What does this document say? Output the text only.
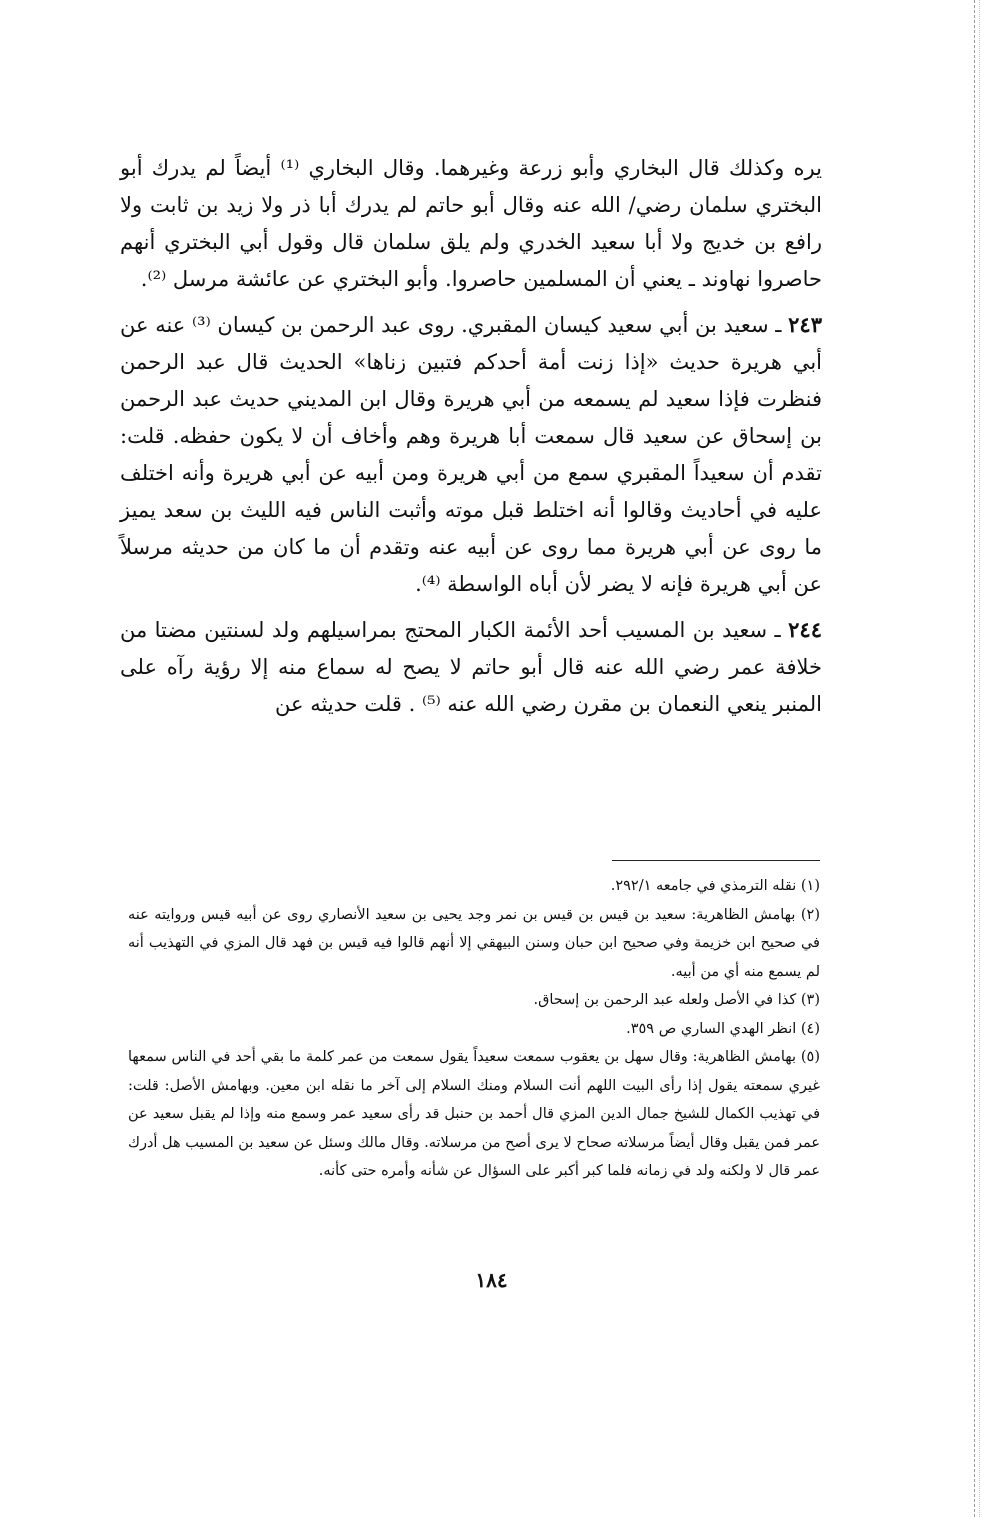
يره وكذلك قال البخاري وأبو زرعة وغيرهما. وقال البخاري ⁽¹⁾ أيضاً لم يدرك أبو البختري سلمان رضي/ الله عنه وقال أبو حاتم لم يدرك أبا ذر ولا زيد بن ثابت ولا رافع بن خديج ولا أبا سعيد الخدري ولم يلق سلمان قال وقول أبي البختري أنهم حاصروا نهاوند ـ يعني أن المسلمين حاصروا. وأبو البختري عن عائشة مرسل ⁽²⁾.

٢٤٣ ـ سعيد بن أبي سعيد كيسان المقبري. روى عبد الرحمن بن كيسان ⁽³⁾ عنه عن أبي هريرة حديث «إذا زنت أمة أحدكم فتبين زناها» الحديث قال عبد الرحمن فنظرت فإذا سعيد لم يسمعه من أبي هريرة وقال ابن المديني حديث عبد الرحمن بن إسحاق عن سعيد قال سمعت أبا هريرة وهم وأخاف أن لا يكون حفظه. قلت: تقدم أن سعيداً المقبري سمع من أبي هريرة ومن أبيه عن أبي هريرة وأنه اختلف عليه في أحاديث وقالوا أنه اختلط قبل موته وأثبت الناس فيه الليث بن سعد يميز ما روى عن أبي هريرة مما روى عن أبيه عنه وتقدم أن ما كان من حديثه مرسلاً عن أبي هريرة فإنه لا يضر لأن أباه الواسطة ⁽⁴⁾.

٢٤٤ ـ سعيد بن المسيب أحد الأئمة الكبار المحتج بمراسيلهم ولد لسنتين مضتا من خلافة عمر رضي الله عنه قال أبو حاتم لا يصح له سماع منه إلا رؤية رآه على المنبر ينعي النعمان بن مقرن رضي الله عنه ⁽⁵⁾ . قلت حديثه عن

(١) نقله الترمذي في جامعه ٢٩٢/١.

(٢) بهامش الظاهرية: سعيد بن قيس بن قيس بن نمر وجد يحيى بن سعيد الأنصاري روى عن أبيه قيس وروايته عنه في صحيح ابن خزيمة وفي صحيح ابن حبان وسنن البيهقي إلا أنهم قالوا فيه قيس بن فهد قال المزي في التهذيب أنه لم يسمع منه أي من أبيه.

(٣) كذا في الأصل ولعله عبد الرحمن بن إسحاق.

(٤) انظر الهدي الساري ص ٣٥٩.

(٥) بهامش الظاهرية: وقال سهل بن يعقوب سمعت سعيداً يقول سمعت من عمر كلمة ما بقي أحد في الناس سمعها غيري سمعته يقول إذا رأى البيت اللهم أنت السلام ومنك السلام إلى آخر ما نقله ابن معين. وبهامش الأصل: قلت: في تهذيب الكمال للشيخ جمال الدين المزي قال أحمد بن حنبل قد رأى سعيد عمر وسمع منه وإذا لم يقبل سعيد عن عمر فمن يقبل وقال أيضاً مرسلاته صحاح لا يرى أصح من مرسلاته. وقال مالك وسئل عن سعيد بن المسيب هل أدرك عمر قال لا ولكنه ولد في زمانه فلما كبر أكبر على السؤال عن شأنه وأمره حتى كأنه.

١٨٤
